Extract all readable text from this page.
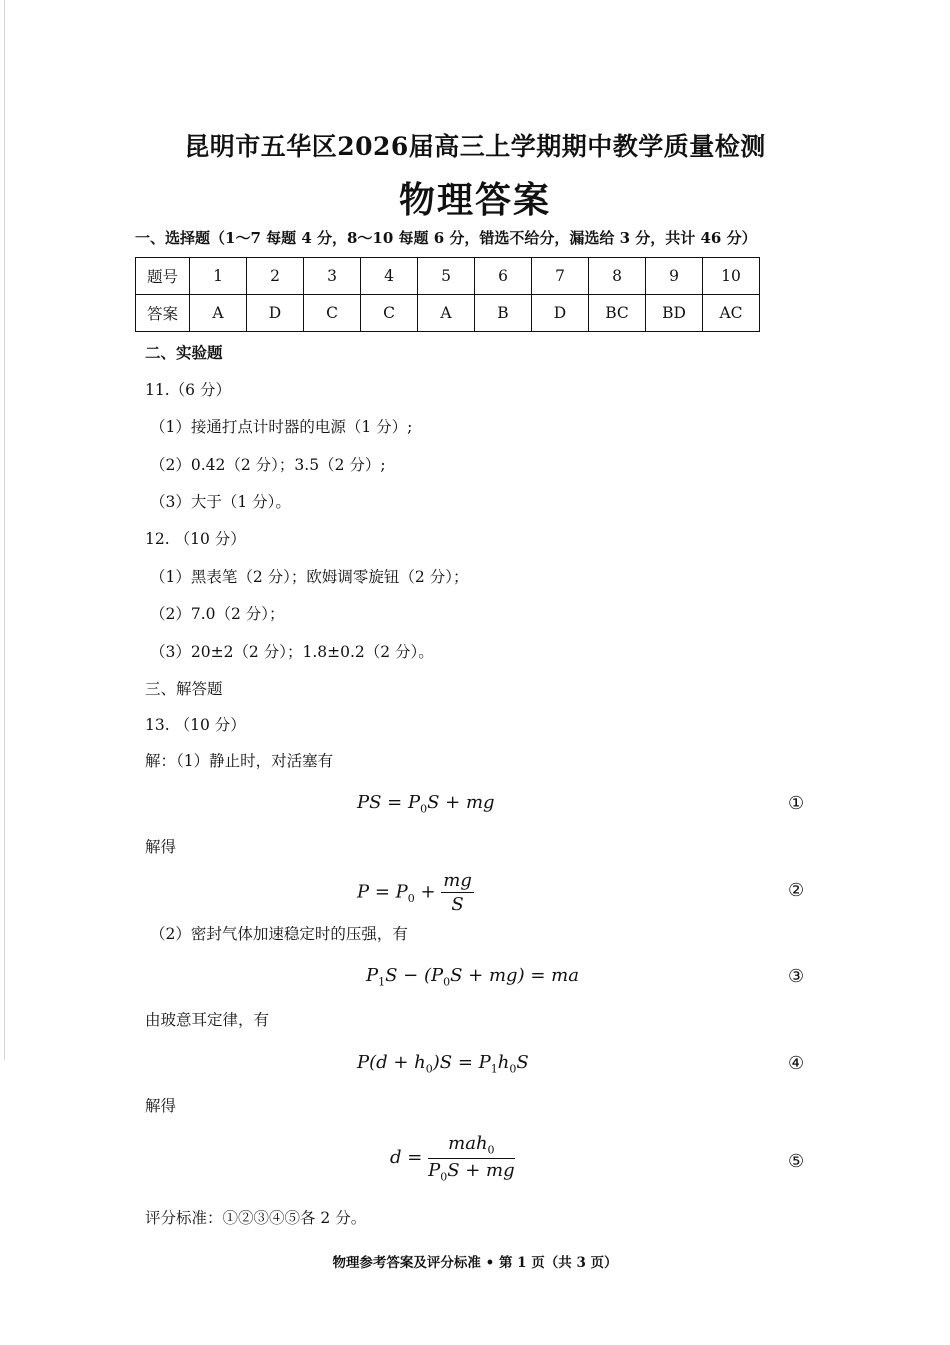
昆明市五华区2026届高三上学期期中教学质量检测
物理答案
一、选择题（1～7 每题 4 分，8～10 每题 6 分，错选不给分，漏选给 3 分，共计 46 分）
题号	1	2	3	4	5	6	7	8	9	10
答案	A	D	C	C	A	B	D	BC	BD	AC
二、实验题
11.（6 分）
（1）接通打点计时器的电源（1 分）;
（2）0.42（2 分）；3.5（2 分）;
（3）大于（1 分）。
12. （10 分）
（1）黑表笔（2 分）；欧姆调零旋钮（2 分）；
（2）7.0（2 分）；
（3）20±2（2 分）；1.8±0.2（2 分）。
三、解答题
13. （10 分）
解：（1）静止时，对活塞有
PS = $P_0S$ + mg	①
解得
$P = P_0 + \frac{mg}{S}$	②
（2）密封气体加速稳定时的压强，有
$P_1S - (P_0S + mg)$ = ma	③
由玻意耳定律，有
$P(d + h_0)S = P_1h_0S$	④
解得
$d = \frac{mah_0}{P_0S + mg}$	⑤
评分标准：①②③④⑤各 2 分。
物理参考答案及评分标准 • 第 1 页（共 3 页）
